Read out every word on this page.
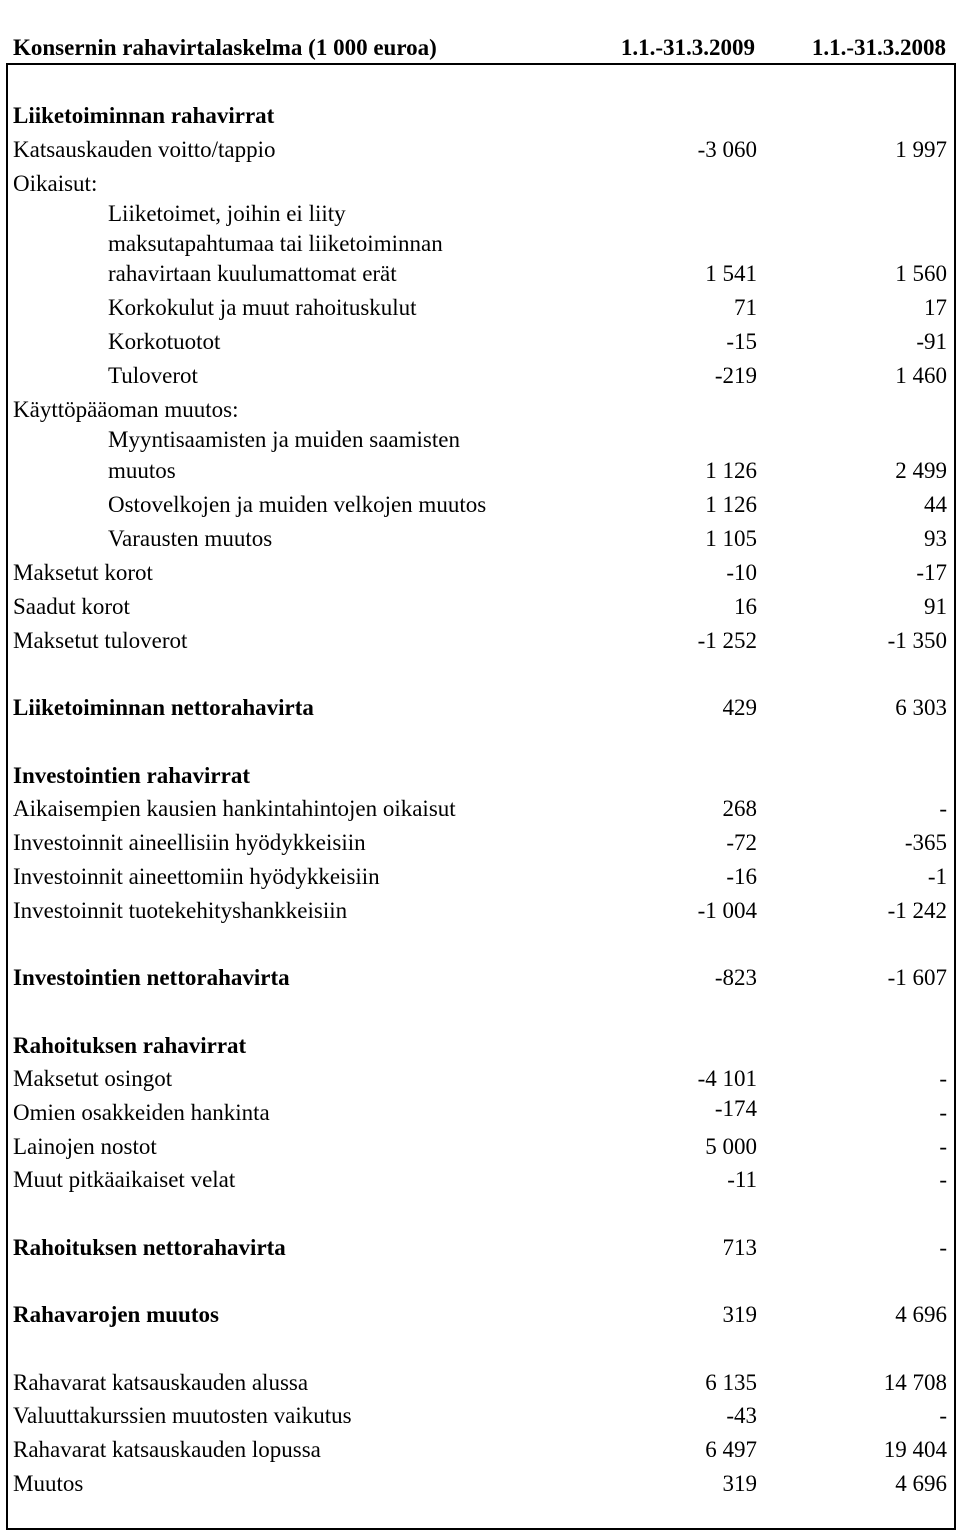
Konsernin rahavirtalaskelma (1 000 euroa)	1.1.-31.3.2009 1.1.-31.3.2008
Liiketoiminnan rahavirrat
Katsauskauden voitto/tappio	-3 060	1 997
Oikaisut:
Liiketoimet, joihin ei liity
maksutapahtumaa tai liiketoiminnan
rahavirtaan kuulumattomat erät	1 541	1 560
Korkokulut ja muut rahoituskulut	71	17
Korkotuotot	-15	-91
Tuloverot	-219	1 460
Käyttöpääoman muutos:
Myyntisaamisten ja muiden saamisten
muutos	1 126	2 499
Ostovelkojen ja muiden velkojen muutos	1 126	44
Varausten muutos	1 105	93
Maksetut korot	-10	-17
Saadut korot	16	91
Maksetut tuloverot	-1 252	-1 350
Liiketoiminnan nettorahavirta	429	6 303
Investointien rahavirrat
Aikaisempien kausien hankintahintojen oikaisut	268	-
Investoinnit aineellisiin hyödykkeisiin	-72	-365
Investoinnit aineettomiin hyödykkeisiin	-16	-1
Investoinnit tuotekehityshankkeisiin	-1 004	-1 242
Investointien nettorahavirta	-823	-1 607
Rahoituksen rahavirrat
Maksetut osingot	-4 101	-
Omien osakkeiden hankinta	-174	-
Lainojen nostot	5 000	-
Muut pitkäaikaiset velat	-11	-
Rahoituksen nettorahavirta	713	-
Rahavarojen muutos	319	4 696
Rahavarat katsauskauden alussa	6 135	14 708
Valuuttakurssien muutosten vaikutus	-43	-
Rahavarat katsauskauden lopussa	6 497	19 404
Muutos	319	4 696
